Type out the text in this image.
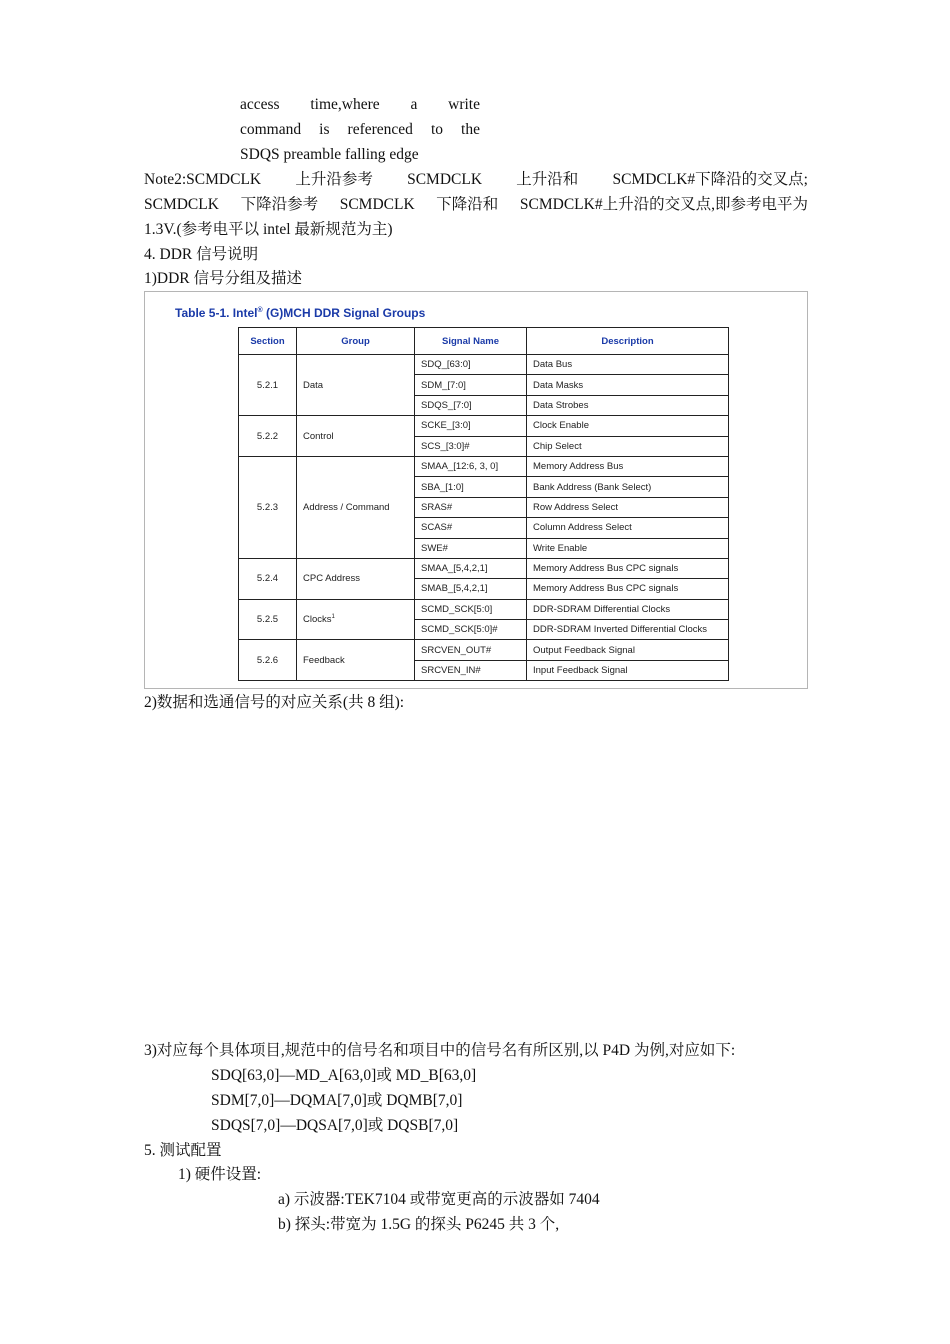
access time,where a write
command is referenced to the
SDQS preamble falling edge
Note2:SCMDCLK 上升沿参考 SCMDCLK 上升沿和 SCMDCLK#下降沿的交叉点;
SCMDCLK 下降沿参考 SCMDCLK 下降沿和 SCMDCLK#上升沿的交叉点,即参考电平为
1.3V.(参考电平以 intel 最新规范为主)
4. DDR 信号说明
1)DDR 信号分组及描述
Table 5-1. Intel® (G)MCH DDR Signal Groups
Section	Group	Signal Name	Description
5.2.1	Data	SDQ_[63:0]	Data Bus
		SDM_[7:0]	Data Masks
		SDQS_[7:0]	Data Strobes
5.2.2	Control	SCKE_[3:0]	Clock Enable
		SCS_[3:0]#	Chip Select
5.2.3	Address / Command	SMAA_[12:6, 3, 0]	Memory Address Bus
		SBA_[1:0]	Bank Address (Bank Select)
		SRAS#	Row Address Select
		SCAS#	Column Address Select
		SWE#	Write Enable
5.2.4	CPC Address	SMAA_[5,4,2,1]	Memory Address Bus CPC signals
		SMAB_[5,4,2,1]	Memory Address Bus CPC signals
5.2.5	Clocks$^1$	SCMD_SCK[5:0]	DDR-SDRAM Differential Clocks
		SCMD_SCK[5:0]#	DDR-SDRAM Inverted Differential Clocks
5.2.6	Feedback	SRCVEN_OUT#	Output Feedback Signal
		SRCVEN_IN#	Input Feedback Signal
2)数据和选通信号的对应关系(共 8 组):
3)对应每个具体项目,规范中的信号名和项目中的信号名有所区别,以 P4D 为例,对应如下:
SDQ[63,0]—MD_A[63,0]或 MD_B[63,0]
SDM[7,0]—DQMA[7,0]或 DQMB[7,0]
SDQS[7,0]—DQSA[7,0]或 DQSB[7,0]
5. 测试配置
1) 硬件设置:
a) 示波器:TEK7104 或带宽更高的示波器如 7404
b) 探头:带宽为 1.5G 的探头 P6245 共 3 个,
